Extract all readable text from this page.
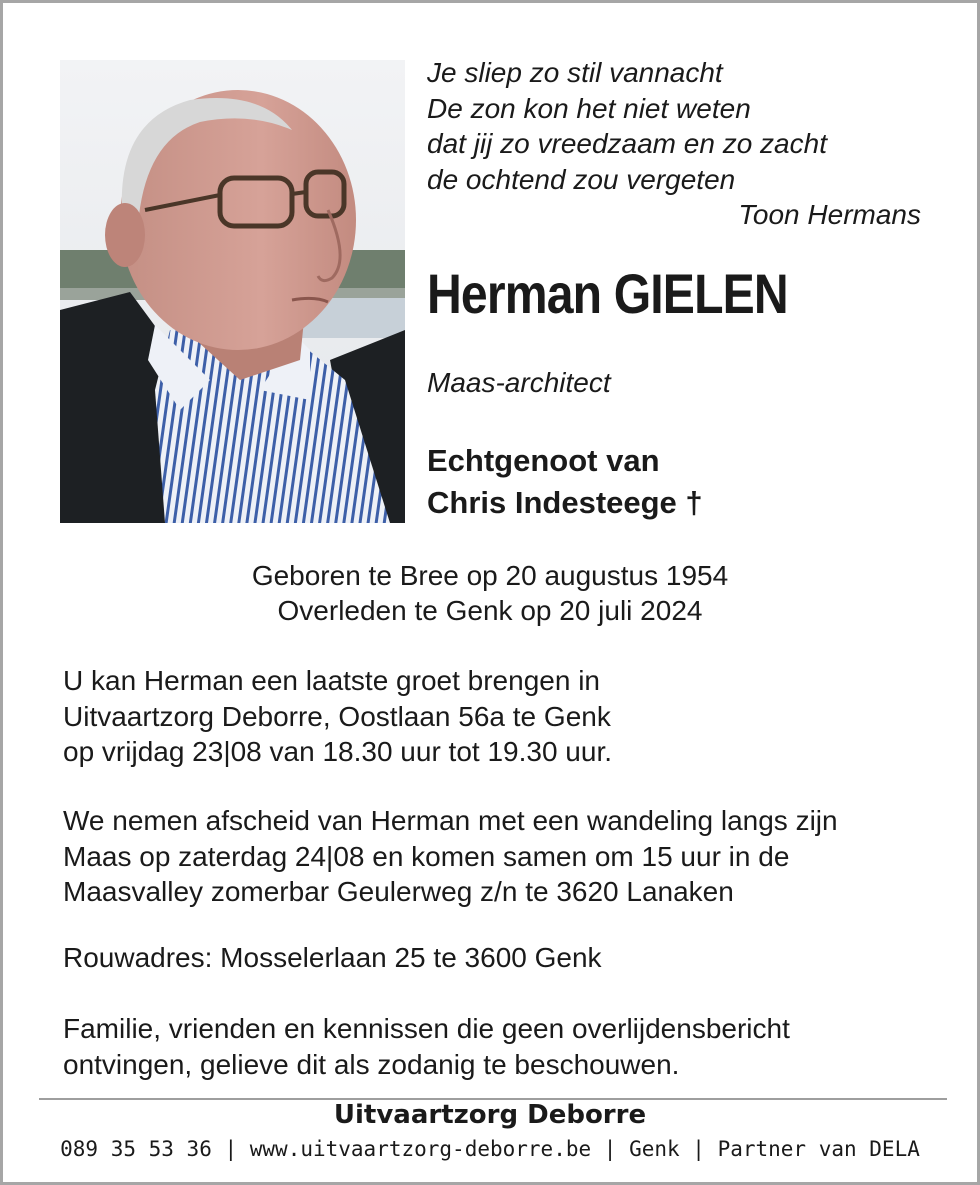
Je sliep zo stil vannacht
De zon kon het niet weten
dat jij zo vreedzaam en zo zacht
de ochtend zou vergeten
Toon Hermans
Herman GIELEN
Maas-architect
Echtgenoot van
Chris Indesteege †
Geboren te Bree op 20 augustus 1954
Overleden te Genk op 20 juli 2024
U kan Herman een laatste groet brengen in
Uitvaartzorg Deborre, Oostlaan 56a te Genk
op vrijdag 23|08 van 18.30 uur tot 19.30 uur.
We nemen afscheid van Herman met een wandeling langs zijn
Maas op zaterdag 24|08 en komen samen om 15 uur in de
Maasvalley zomerbar Geulerweg z/n te 3620 Lanaken
Rouwadres: Mosselerlaan 25 te 3600 Genk
Familie, vrienden en kennissen die geen overlijdensbericht
ontvingen, gelieve dit als zodanig te beschouwen.
Uitvaartzorg Deborre
089 35 53 36 | www.uitvaartzorg-deborre.be | Genk | Partner van DELA
